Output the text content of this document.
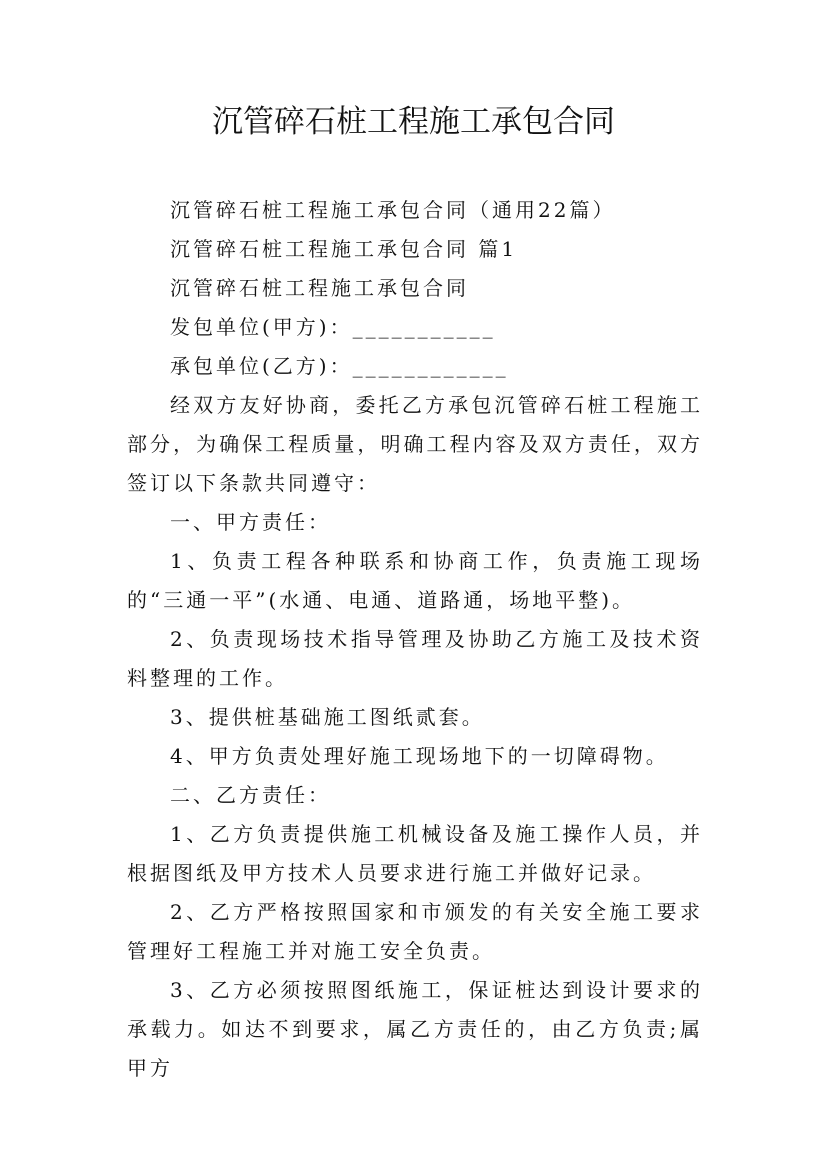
沉管碎石桩工程施工承包合同

沉管碎石桩工程施工承包合同（通用22篇）

沉管碎石桩工程施工承包合同 篇1

沉管碎石桩工程施工承包合同

发包单位(甲方)：___________

承包单位(乙方)：____________

经双方友好协商，委托乙方承包沉管碎石桩工程施工部分，为确保工程质量，明确工程内容及双方责任，双方签订以下条款共同遵守：

一、甲方责任：

1、负责工程各种联系和协商工作，负责施工现场的“三通一平”(水通、电通、道路通，场地平整)。

2、负责现场技术指导管理及协助乙方施工及技术资料整理的工作。

3、提供桩基础施工图纸贰套。

4、甲方负责处理好施工现场地下的一切障碍物。

二、乙方责任：

1、乙方负责提供施工机械设备及施工操作人员，并根据图纸及甲方技术人员要求进行施工并做好记录。

2、乙方严格按照国家和市颁发的有关安全施工要求管理好工程施工并对施工安全负责。

3、乙方必须按照图纸施工，保证桩达到设计要求的承载力。如达不到要求，属乙方责任的，由乙方负责;属甲方
